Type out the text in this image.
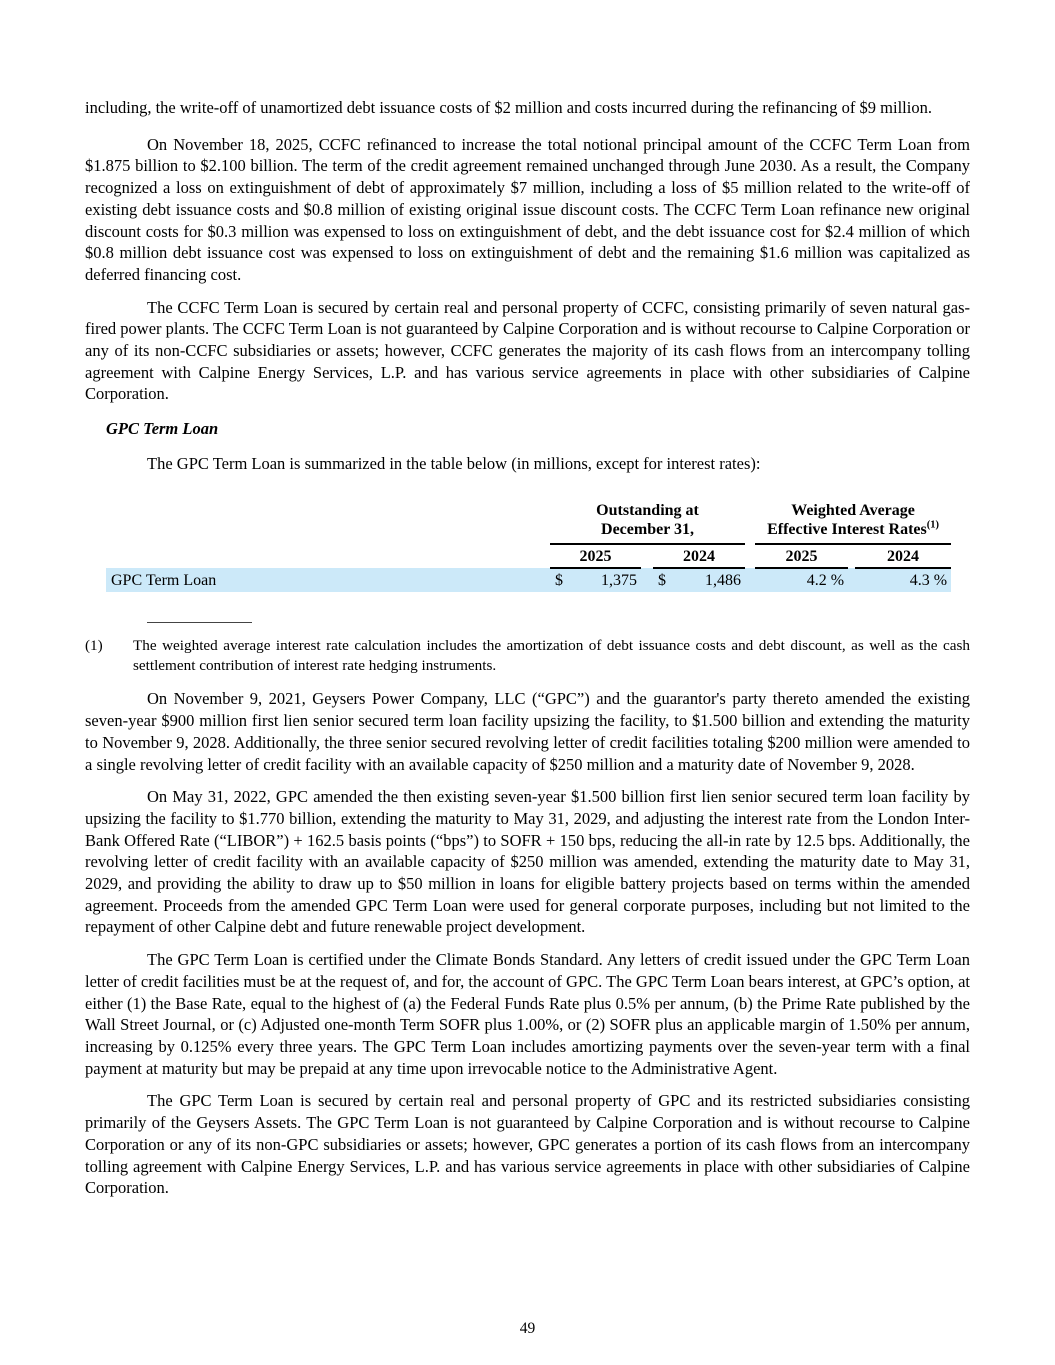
including, the write-off of unamortized debt issuance costs of $2 million and costs incurred during the refinancing of $9 million.

On November 18, 2025, CCFC refinanced to increase the total notional principal amount of the CCFC Term Loan from $1.875 billion to $2.100 billion. The term of the credit agreement remained unchanged through June 2030. As a result, the Company recognized a loss on extinguishment of debt of approximately $7 million, including a loss of $5 million related to the write-off of existing debt issuance costs and $0.8 million of existing original issue discount costs. The CCFC Term Loan refinance new original discount costs for $0.3 million was expensed to loss on extinguishment of debt, and the debt issuance cost for $2.4 million of which $0.8 million debt issuance cost was expensed to loss on extinguishment of debt and the remaining $1.6 million was capitalized as deferred financing cost.

The CCFC Term Loan is secured by certain real and personal property of CCFC, consisting primarily of seven natural gas-fired power plants. The CCFC Term Loan is not guaranteed by Calpine Corporation and is without recourse to Calpine Corporation or any of its non-CCFC subsidiaries or assets; however, CCFC generates the majority of its cash flows from an intercompany tolling agreement with Calpine Energy Services, L.P. and has various service agreements in place with other subsidiaries of Calpine Corporation.

GPC Term Loan

The GPC Term Loan is summarized in the table below (in millions, except for interest rates):

Outstanding at
December 31,

Weighted Average
Effective Interest Rates$^{(1)}$

	2025			2024			2025		2024
GPC Term Loan	$	1,375		$	1,486		4.2 %		4.3 %
(1)	The weighted average interest rate calculation includes the amortization of debt issuance costs and debt discount, as well as the cash settlement contribution of interest rate hedging instruments.

On November 9, 2021, Geysers Power Company, LLC (“GPC”) and the guarantor's party thereto amended the existing seven-year $900 million first lien senior secured term loan facility upsizing the facility, to $1.500 billion and extending the maturity to November 9, 2028. Additionally, the three senior secured revolving letter of credit facilities totaling $200 million were amended to a single revolving letter of credit facility with an available capacity of $250 million and a maturity date of November 9, 2028.

On May 31, 2022, GPC amended the then existing seven-year $1.500 billion first lien senior secured term loan facility by upsizing the facility to $1.770 billion, extending the maturity to May 31, 2029, and adjusting the interest rate from the London Inter-Bank Offered Rate (“LIBOR”) + 162.5 basis points (“bps”) to SOFR + 150 bps, reducing the all-in rate by 12.5 bps. Additionally, the revolving letter of credit facility with an available capacity of $250 million was amended, extending the maturity date to May 31, 2029, and providing the ability to draw up to $50 million in loans for eligible battery projects based on terms within the amended agreement. Proceeds from the amended GPC Term Loan were used for general corporate purposes, including but not limited to the repayment of other Calpine debt and future renewable project development.

The GPC Term Loan is certified under the Climate Bonds Standard. Any letters of credit issued under the GPC Term Loan letter of credit facilities must be at the request of, and for, the account of GPC. The GPC Term Loan bears interest, at GPC’s option, at either (1) the Base Rate, equal to the highest of (a) the Federal Funds Rate plus 0.5% per annum, (b) the Prime Rate published by the Wall Street Journal, or (c) Adjusted one-month Term SOFR plus 1.00%, or (2) SOFR plus an applicable margin of 1.50% per annum, increasing by 0.125% every three years. The GPC Term Loan includes amortizing payments over the seven-year term with a final payment at maturity but may be prepaid at any time upon irrevocable notice to the Administrative Agent.

The GPC Term Loan is secured by certain real and personal property of GPC and its restricted subsidiaries consisting primarily of the Geysers Assets. The GPC Term Loan is not guaranteed by Calpine Corporation and is without recourse to Calpine Corporation or any of its non-GPC subsidiaries or assets; however, GPC generates a portion of its cash flows from an intercompany tolling agreement with Calpine Energy Services, L.P. and has various service agreements in place with other subsidiaries of Calpine Corporation.

49
